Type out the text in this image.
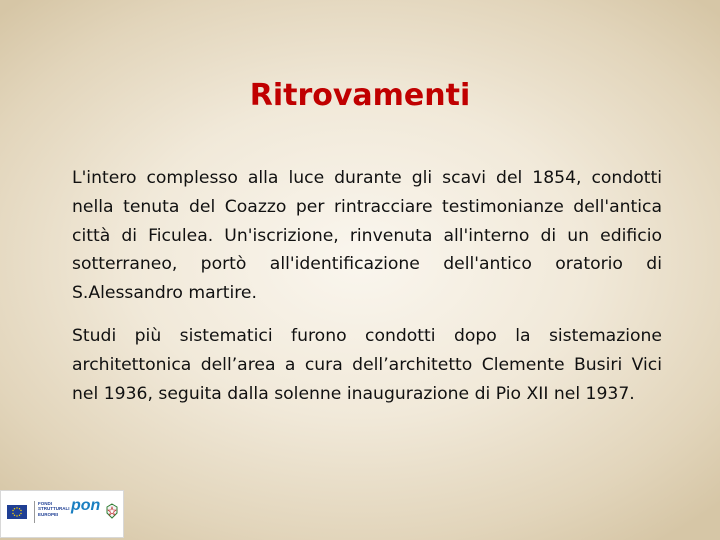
Ritrovamenti

L'intero complesso alla luce durante gli scavi del 1854, condotti nella tenuta del Coazzo per rintracciare testimonianze dell'antica città di Ficulea. Un'iscrizione, rinvenuta all'interno di un edificio sotterraneo, portò all'identificazione dell'antico oratorio di S.Alessandro martire.

Studi più sistematici furono condotti dopo la sistemazione architettonica dell’area a cura dell’architetto Clemente Busiri Vici nel 1936, seguita dalla solenne inaugurazione di Pio XII nel 1937.

FONDI STRUTTURALI EUROPEI
pon
